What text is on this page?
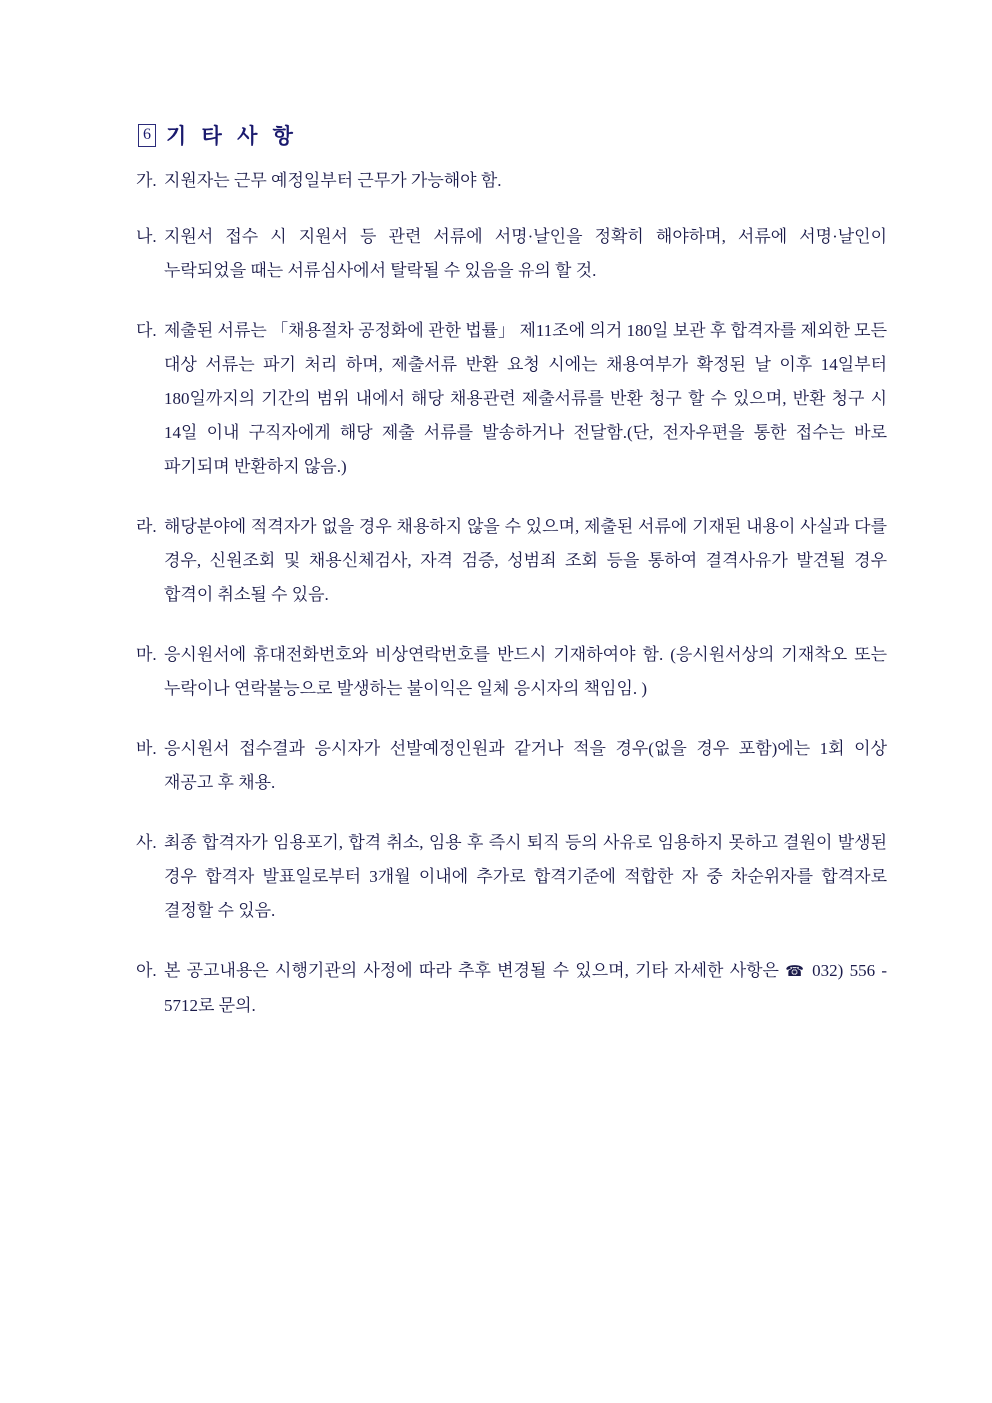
6 기 타 사 항
가. 지원자는 근무 예정일부터 근무가 가능해야 함.
나. 지원서 접수 시 지원서 등 관련 서류에 서명·날인을 정확히 해야하며, 서류에 서명·날인이 누락되었을 때는 서류심사에서 탈락될 수 있음을 유의 할 것.
다. 제출된 서류는 「채용절차 공정화에 관한 법률」 제11조에 의거 180일 보관 후 합격자를 제외한 모든 대상 서류는 파기 처리 하며, 제출서류 반환 요청 시에는 채용여부가 확정된 날 이후 14일부터 180일까지의 기간의 범위 내에서 해당 채용관련 제출서류를 반환 청구 할 수 있으며, 반환 청구 시 14일 이내 구직자에게 해당 제출 서류를 발송하거나 전달함.(단, 전자우편을 통한 접수는 바로 파기되며 반환하지 않음.)
라. 해당분야에 적격자가 없을 경우 채용하지 않을 수 있으며, 제출된 서류에 기재된 내용이 사실과 다를 경우, 신원조회 및 채용신체검사, 자격 검증, 성범죄 조회 등을 통하여 결격사유가 발견될 경우 합격이 취소될 수 있음.
마. 응시원서에 휴대전화번호와 비상연락번호를 반드시 기재하여야 함. (응시원서상의 기재착오 또는 누락이나 연락불능으로 발생하는 불이익은 일체 응시자의 책임임. )
바. 응시원서 접수결과 응시자가 선발예정인원과 같거나 적을 경우(없을 경우 포함)에는 1회 이상 재공고 후 채용.
사. 최종 합격자가 임용포기, 합격 취소, 임용 후 즉시 퇴직 등의 사유로 임용하지 못하고 결원이 발생된 경우 합격자 발표일로부터 3개월 이내에 추가로 합격기준에 적합한 자 중 차순위자를 합격자로 결정할 수 있음.
아. 본 공고내용은 시행기관의 사정에 따라 추후 변경될 수 있으며, 기타 자세한 사항은 ☎ 032) 556 - 5712로 문의.
